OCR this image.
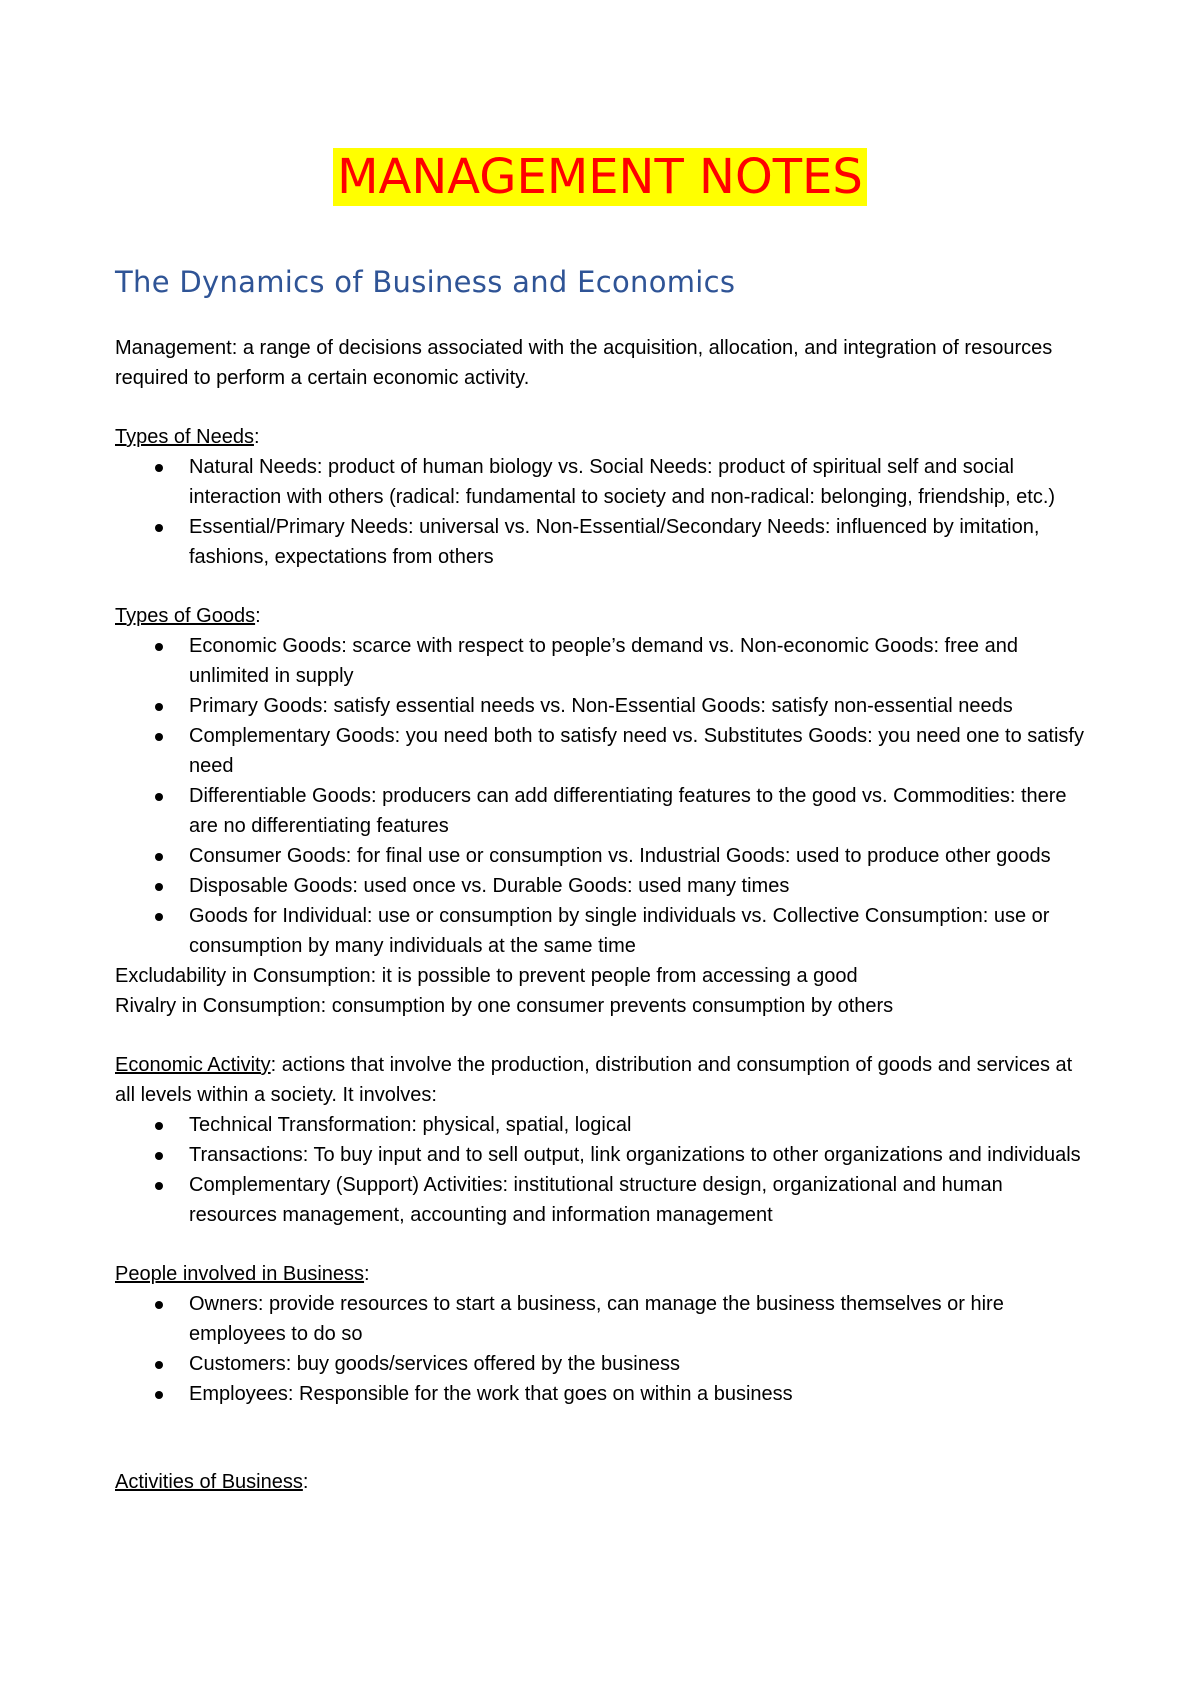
MANAGEMENT NOTES
The Dynamics of Business and Economics

Management: a range of decisions associated with the acquisition, allocation, and integration of resources required to perform a certain economic activity.

Types of Needs:

Natural Needs: product of human biology vs. Social Needs: product of spiritual self and social interaction with others (radical: fundamental to society and non-radical: belonging, friendship, etc.)
Essential/Primary Needs: universal vs. Non-Essential/Secondary Needs: influenced by imitation, fashions, expectations from others

Types of Goods:

Economic Goods: scarce with respect to people’s demand vs. Non-economic Goods: free and unlimited in supply
Primary Goods: satisfy essential needs vs. Non-Essential Goods: satisfy non-essential needs
Complementary Goods: you need both to satisfy need vs. Substitutes Goods: you need one to satisfy need
Differentiable Goods: producers can add differentiating features to the good vs. Commodities: there are no differentiating features
Consumer Goods: for final use or consumption vs. Industrial Goods: used to produce other goods
Disposable Goods: used once vs. Durable Goods: used many times
Goods for Individual: use or consumption by single individuals vs. Collective Consumption: use or consumption by many individuals at the same time

Excludability in Consumption: it is possible to prevent people from accessing a good

Rivalry in Consumption: consumption by one consumer prevents consumption by others

Economic Activity: actions that involve the production, distribution and consumption of goods and services at all levels within a society. It involves:

Technical Transformation: physical, spatial, logical
Transactions: To buy input and to sell output, link organizations to other organizations and individuals
Complementary (Support) Activities: institutional structure design, organizational and human resources management, accounting and information management

People involved in Business:

Owners: provide resources to start a business, can manage the business themselves or hire employees to do so
Customers: buy goods/services offered by the business
Employees: Responsible for the work that goes on within a business

Activities of Business:
